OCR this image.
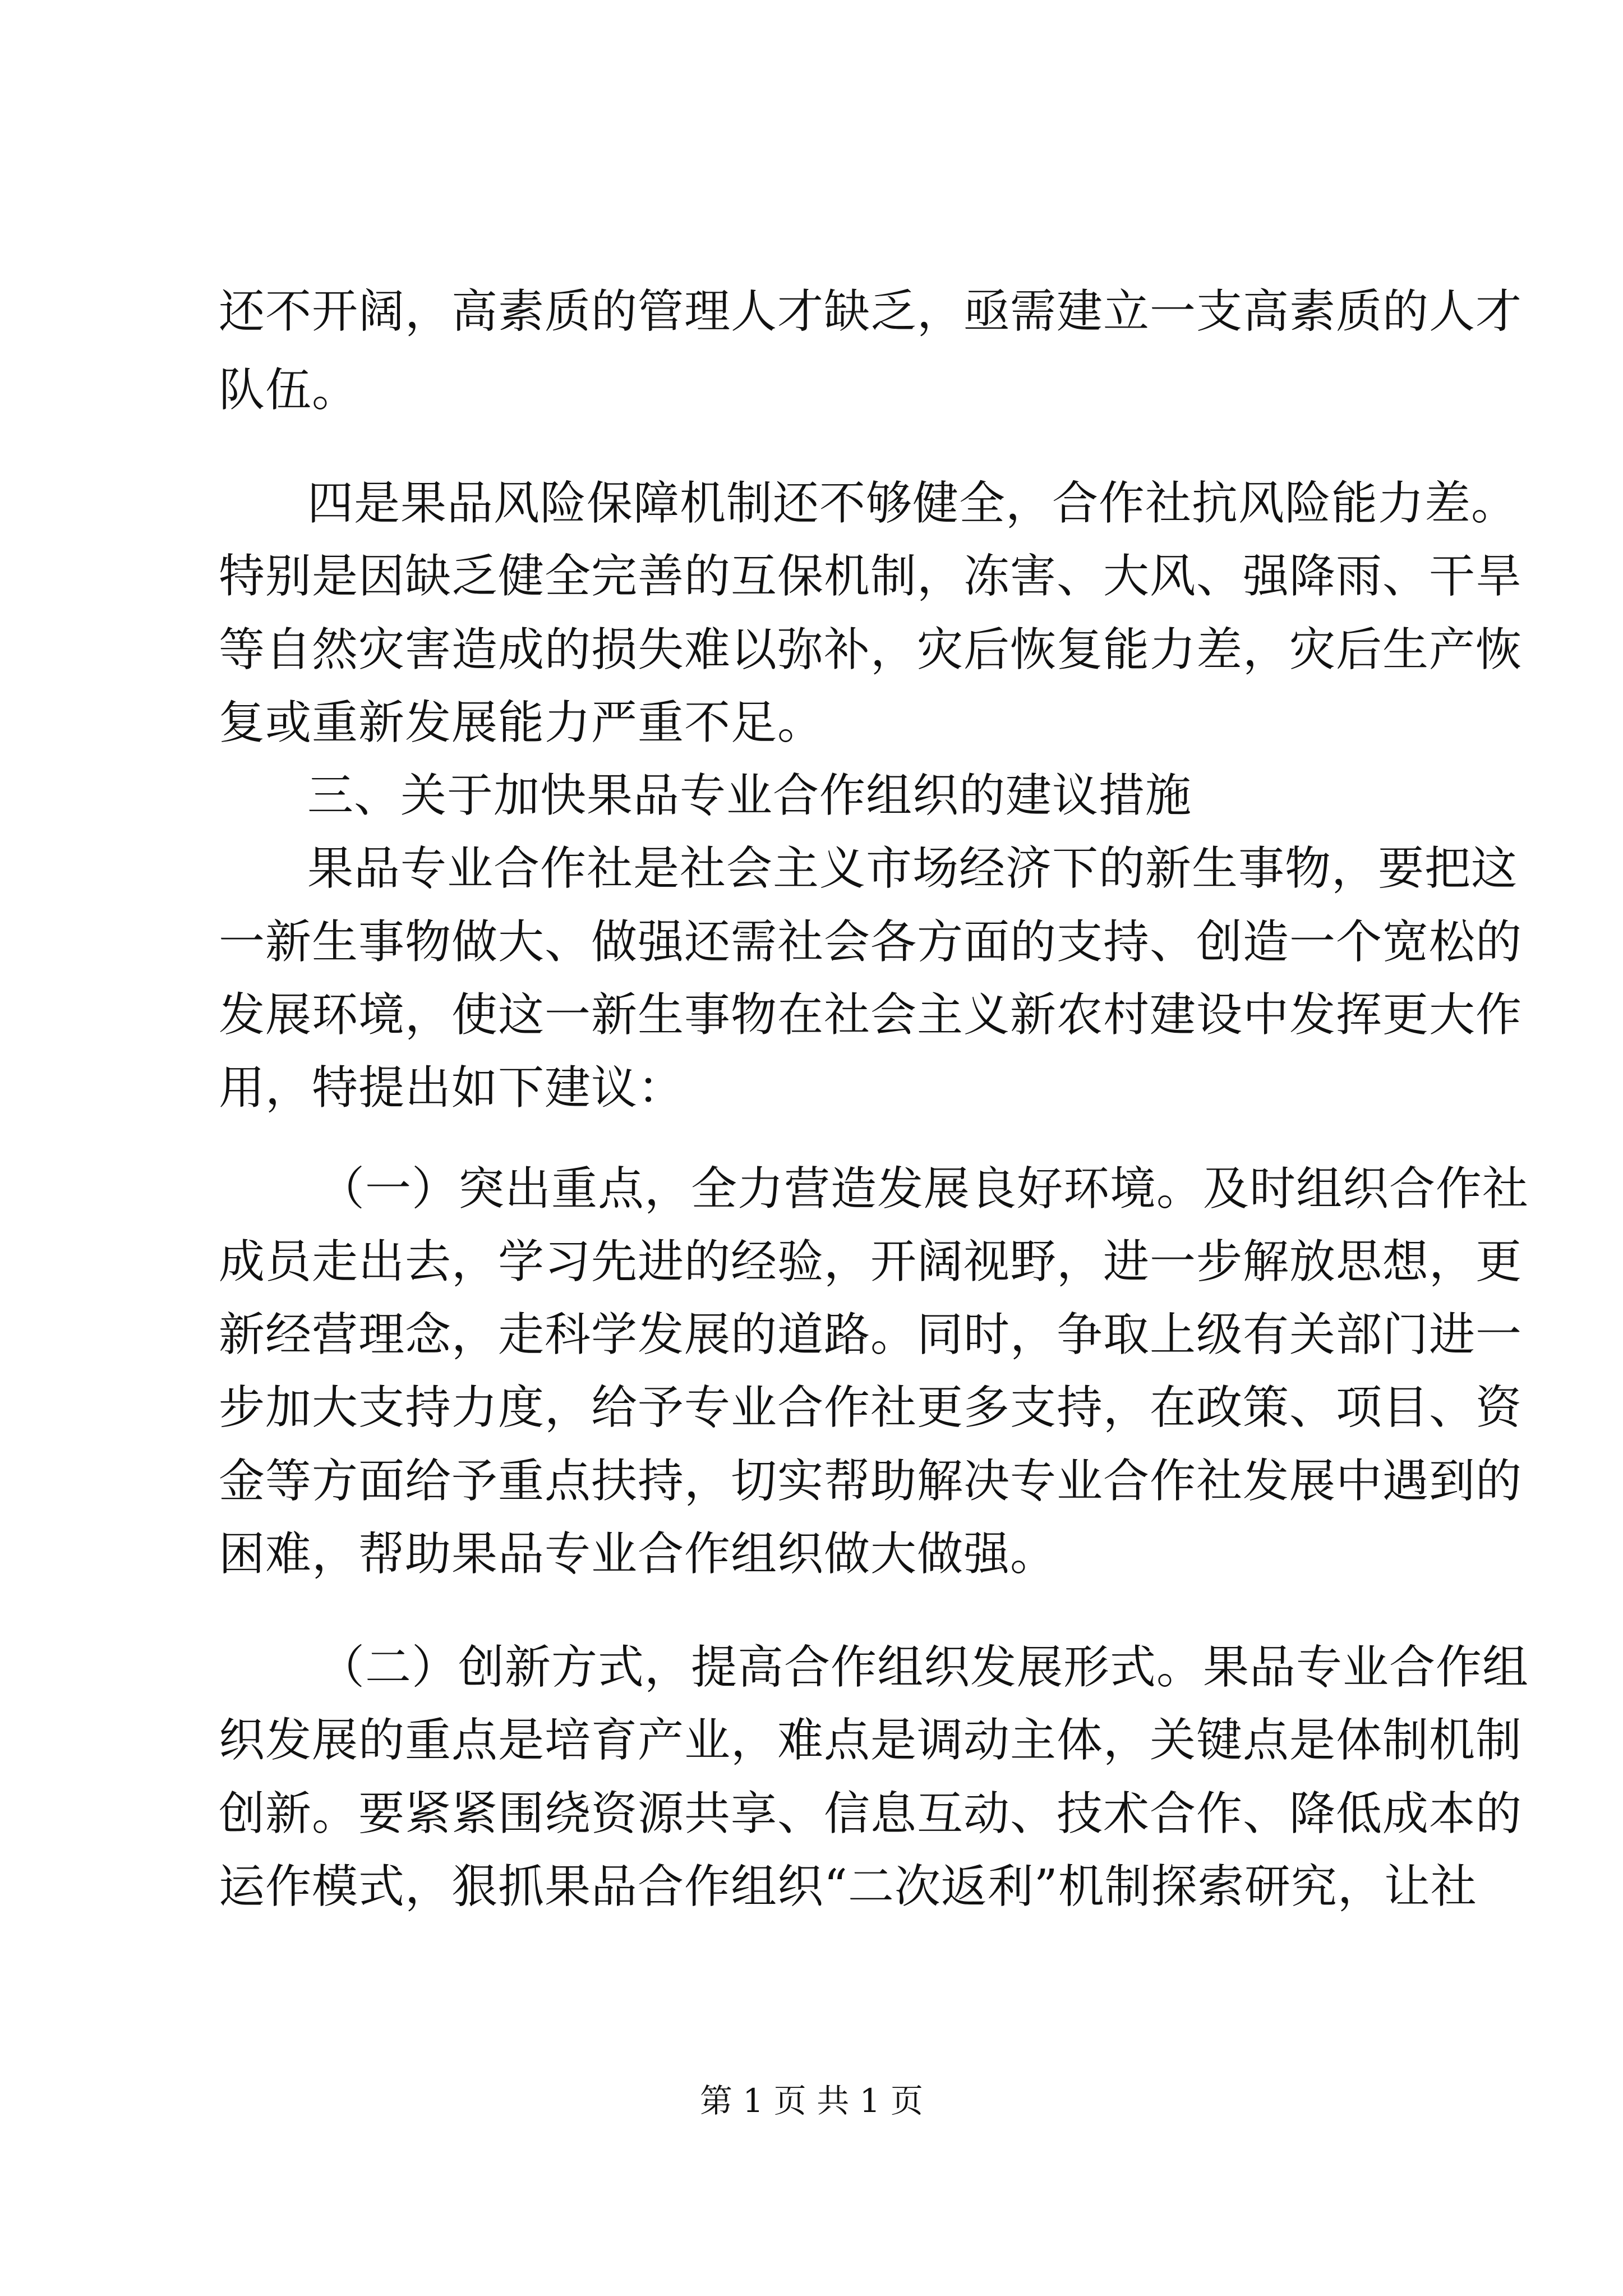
还不开阔，高素质的管理人才缺乏，亟需建立一支高素质的人才
队伍。
四是果品风险保障机制还不够健全，合作社抗风险能力差。
特别是因缺乏健全完善的互保机制，冻害、大风、强降雨、干旱
等自然灾害造成的损失难以弥补，灾后恢复能力差，灾后生产恢
复或重新发展能力严重不足。
三、关于加快果品专业合作组织的建议措施
果品专业合作社是社会主义市场经济下的新生事物，要把这
一新生事物做大、做强还需社会各方面的支持、创造一个宽松的
发展环境，使这一新生事物在社会主义新农村建设中发挥更大作
用，特提出如下建议：
（一）突出重点，全力营造发展良好环境。及时组织合作社
成员走出去，学习先进的经验，开阔视野，进一步解放思想，更
新经营理念，走科学发展的道路。同时，争取上级有关部门进一
步加大支持力度，给予专业合作社更多支持，在政策、项目、资
金等方面给予重点扶持，切实帮助解决专业合作社发展中遇到的
困难，帮助果品专业合作组织做大做强。
（二）创新方式，提高合作组织发展形式。果品专业合作组
织发展的重点是培育产业，难点是调动主体，关键点是体制机制
创新。要紧紧围绕资源共享、信息互动、技术合作、降低成本的
运作模式，狠抓果品合作组织“二次返利”机制探索研究，让社
第 1 页 共 1 页
